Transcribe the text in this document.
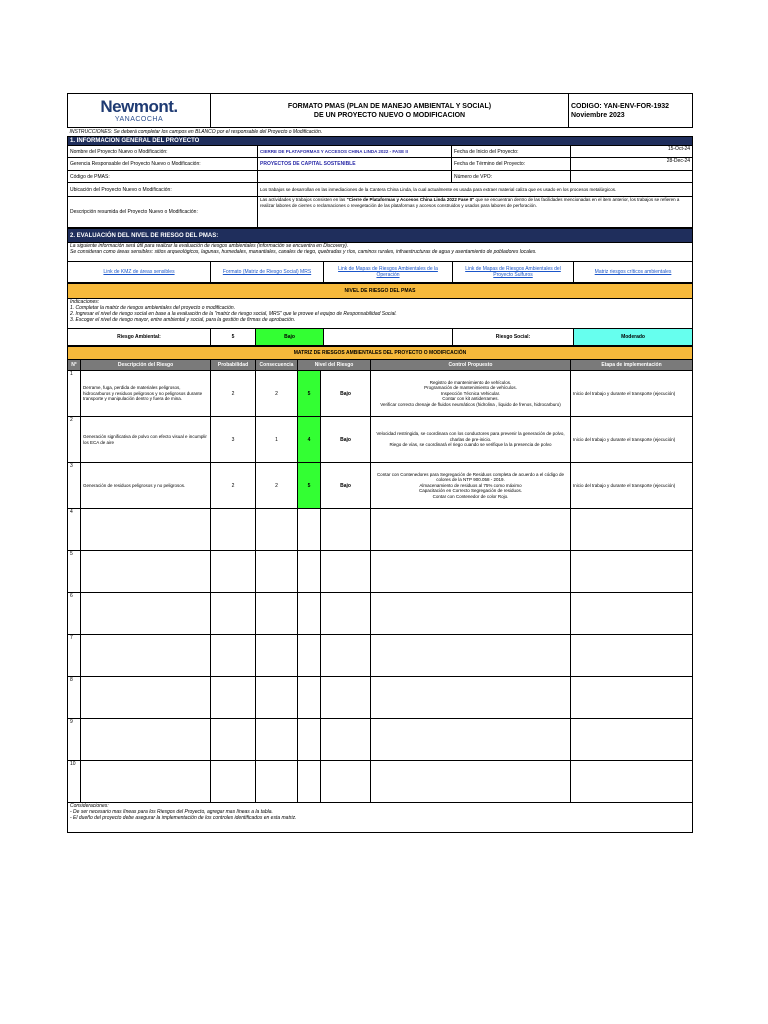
Newmont.
YANACOCHA

FORMATO PMAS (PLAN DE MANEJO AMBIENTAL Y SOCIAL)
DE UN PROYECTO NUEVO O MODIFICACION

CODIGO: YAN-ENV-FOR-1932
Noviembre 2023
INSTRUCCIONES: Se deberá completar los campos en BLANCO por el responsable del Proyecto o Modificación.			
1. INFORMACION GENERAL DEL PROYECTO			
Nombre del Proyecto Nuevo o Modificación:	CIERRE DE PLATAFORMAS Y ACCESOS CHINA LINDA 2022 - FASE II	Fecha de Inicio del Proyecto:	15-Oct-24
Gerencia Responsable del Proyecto Nuevo o Modificación:	PROYECTOS DE CAPITAL SOSTENIBLE	Fecha de Término del Proyecto:	28-Dec-24
Código de PMAS:		Número de VPO:	
Ubicación del Proyecto Nuevo o Modificación:	Los trabajos se desarrollan en las inmediaciones de la Cantera China Linda, la cual actualmente es usada para extraer material caliza que es usado en los procesos metalúrgicos.		
Descripción resumida del Proyecto Nuevo o Modificación:	Las actividades y trabajos consisten en las "Cierre de Plataformas y Accesos China Linda 2022 Fase II" que se encuentran dentro de las facilidades mencionadas en el item anterior, los trabajos se refieren a realizar labores de cierres o reclamaciones o revegetación de las plataformas y accesos construidos y usados para labores de perforación.		
2. EVALUACIÓN DEL NIVEL DE RIESGO DEL PMAS:

La siguiente información será útil para realizar la evaluación de riesgos ambientales (información se encuentra en Discovery).
Se consideran como áreas sensibles: sitios arqueológicos, lagunas, humedales, manantiales, canales de riego, quebradas y ríos, caminos rurales, infraestructuras de agua y asentamiento de pobladores locales.

Link de KMZ de áreas sensibles	Formato (Matriz de Riesgo Social) MRS	Link de Mapas de Riesgos Ambientales de la Operación	Link de Mapas de Riesgos Ambientales del Proyecto Sulfuros	Matriz riesgos críticos ambientales
NIVEL DE RIESGO DEL PMAS

Indicaciones:
1. Completar la matriz de riesgos ambientales del proyecto o modificación.
2. Ingresar el nivel de riesgo social en base a la evaluación de la "matriz de riesgo social, MRS" que le provee el equipo de Responsabilidad Social.
3. Escoger el nivel de riesgo mayor, entre ambiental y social, para la gestión de firmas de aprobación.

Riesgo Ambiental:	5	Bajo		Riesgo Social:	Moderado
MATRIZ DE RIESGOS AMBIENTALES DEL PROYECTO O MODIFICACIÓN							
N°	Descripción del Riesgo	Probabilidad	Consecuencia	Nivel del Riesgo		Control Propuesto	Etapa de implementación
1	Derrame, fuga, perdida de materiales peligrosos, hidrocarburos y residuos peligrosos y no peligrosos durante transporte y manipulación dentro y fuera de mina.	2	2	5	Bajo	Registro de mantenimiento de vehículos.
Programación de mantenimiento de vehículos.
Inspección Técnica Vehicular.
Contar con kit antiderrames.
Verificar correcto drenaje de fluidos neumáticos (hidrolina , liquido de frenos, hidrocarburo)	Inicio del trabajo y durante el transporte (ejecución)
2	Generación significativa de polvo con efecto visual e incumplir los ECA de aire	3	1	4	Bajo	Velocidad restringida, se coordinara con los conductores para prevenir la generación de polvo, charlas de pre-inicio.
Riego de vías, se coordinará el riego cuando se verifique la la presencia de polvo	Inicio del trabajo y durante el transporte (ejecución)
3	Generación de residuos peligrosos y no peligrosos.	2	2	5	Bajo	Contar con Contenedores para Segregación de Residuos completa de acuerdo a el código de colores de la NTP 900.058 - 2019.
Almacenamiento de residuos al 75% como máximo
Capacitación en Correcto Segregación de residuos.
Contar con Contenedor de color Rojo.	Inicio del trabajo y durante el transporte (ejecución)
4							
5							
6							
7							
8							
9							
10							

Consideraciones:
- De ser necesario mas líneas para los Riesgos del Proyecto, agregar mas líneas a la tabla.
- El dueño del proyecto debe asegurar la implementación de los controles identificados en esta matriz.							
